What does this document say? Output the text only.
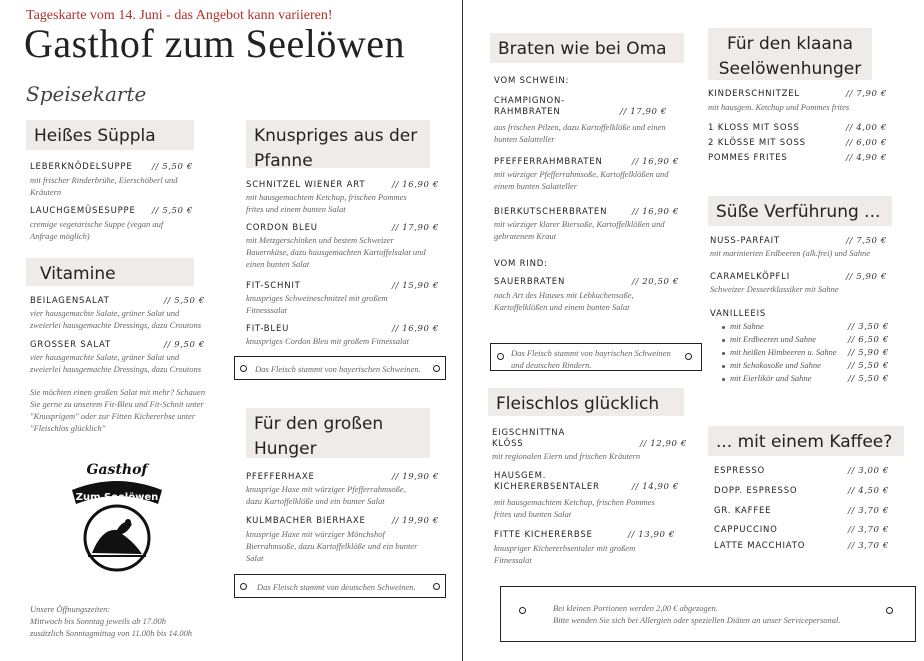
Tageskarte vom 14. Juni - das Angebot kann variieren!
Gasthof zum Seelöwen
Speisekarte
Heißes Süppla
LEBERKNÖDELSUPPE // 5,50 €
mit frischer Rinderbrühe, Eierschöberl und Kräutern
LAUCHGEMÜSESUPPE // 5,50 €
cremige vegetarische Suppe (vegan auf Anfrage möglich)
Vitamine
BEILAGENSALAT	// 5,50 €
vier hausgemachte Salate, grüner Salat und zweierlei hausgemachte Dressings, dazu Croutons
GROSSER SALAT	// 9,50 €
vier hausgemachte Salate, grüner Salat und zweierlei hausgemachte Dressings, dazu Croutons
Sie möchten einen großen Salat mit mehr? Schauen Sie gerne zu unserem Fit-Bleu und Fit-Schnit unter "Knusprigem" oder zur Fitten Kichererbse unter "Fleischlos glücklich"
Gasthof
Zum Seelöwen
Unsere Öffnungszeiten:
Mittwoch bis Sonntag jeweils ab 17.00h
zusätzlich Sonntagmittag von 11.00h bis 14.00h
Knuspriges aus der Pfanne
SCHNITZEL WIENER ART	// 16,90 €
mit hausgemachtem Ketchup, frischen Pommes frites und einem bunten Salat
CORDON BLEU	// 17,90 €
mit Metzgerschinken und bestem Schweizer Bauernkäse, dazu hausgemachten Kartoffelsalat und einen bunten Salat
FIT-SCHNIT	// 15,90 €
knuspriges Schweineschnitzel mit großem Fitnesssalat
FIT-BLEU	// 16,90 €
knuspriges Cordon Bleu mit großem Fitnessalat
Das Fleisch stammt von bayerischen Schweinen.
Für den großen Hunger
PFEFFERHAXE	// 19,90 €
knusprige Haxe mit würziger Pfefferrahmsoße, dazu Kartoffelklöße und ein bunter Salat
KULMBACHER BIERHAXE	// 19,90 €
knusprige Haxe mit würziger Mönchshof Bierrahmsoße, dazu Kartoffelklöße und ein bunter Salat
Das Fleisch stammt von deutschen Schweinen.
Braten wie bei Oma
VOM SCHWEIN:
CHAMPIGNON- RAHMBRATEN	// 17,90 €
aus frischen Pilzen, dazu Kartoffelklöße und einen bunten Salatteller
PFEFFERRAHMBRATEN	// 16,90 €
mit würziger Pfefferrahmsoße, Kartoffelklößen und einem bunten Salatteller
BIERKUTSCHERBRATEN	// 16,90 €
mit würziger klarer Biersoße, Kartoffelklößen und gebratenem Kraut
VOM RIND:
SAUERBRATEN	// 20,50 €
nach Art des Hauses mit Lebkuchensoße, Kartoffelklößen und einem bunten Salat
Das Fleisch stammt von bayrischen Schweinen und deutschen Rindern.
Fleischlos glücklich
EIGSCHNITTNA KLÖSS	// 12,90 €
mit regionalen Eiern und frischen Kräutern
HAUSGEM. KICHERERBSENTALER	// 14,90 €
mit hausgemachtem Ketchup, frischen Pommes frites und bunten Salat
FITTE KICHERERBSE	// 13,90 €
knuspriger Kichererbsentaler mit großem Fitnessalat
Für den klaana Seelöwenhunger
KINDERSCHNITZEL	// 7,90 €
mit hausgem. Ketchup und Pommes frites
1 KLOSS MIT SOSS	// 4,00 €
2 KLÖSSE MIT SOSS	// 6,00 €
POMMES FRITES	// 4,90 €
Süße Verführung ...
NUSS-PARFAIT	// 7,50 €
mit marinierten Erdbeeren (alk.frei) und Sahne
CARAMELKÖPFLI	// 5,90 €
Schweizer Dessertklassiker mit Sahne
VANILLEEIS
mit Sahne	// 3,50 €
mit Erdbeeren und Sahne	// 6,50 €
mit heißen Himbeeren u. Sahne // 5,90 €
mit Schokosoße und Sahne	// 5,50 €
mit Eierlikör und Sahne	// 5,50 €
... mit einem Kaffee?
ESPRESSO	// 3,00 €
DOPP. ESPRESSO	// 4,50 €
GR. KAFFEE	// 3,70 €
CAPPUCCINO	// 3,70 €
LATTE MACCHIATO	// 3,70 €
Bei kleinen Portionen werden 2,00 € abgezogen.
Bitte wenden Sie sich bei Allergien oder speziellen Diäten an unser Servicepersonal.
